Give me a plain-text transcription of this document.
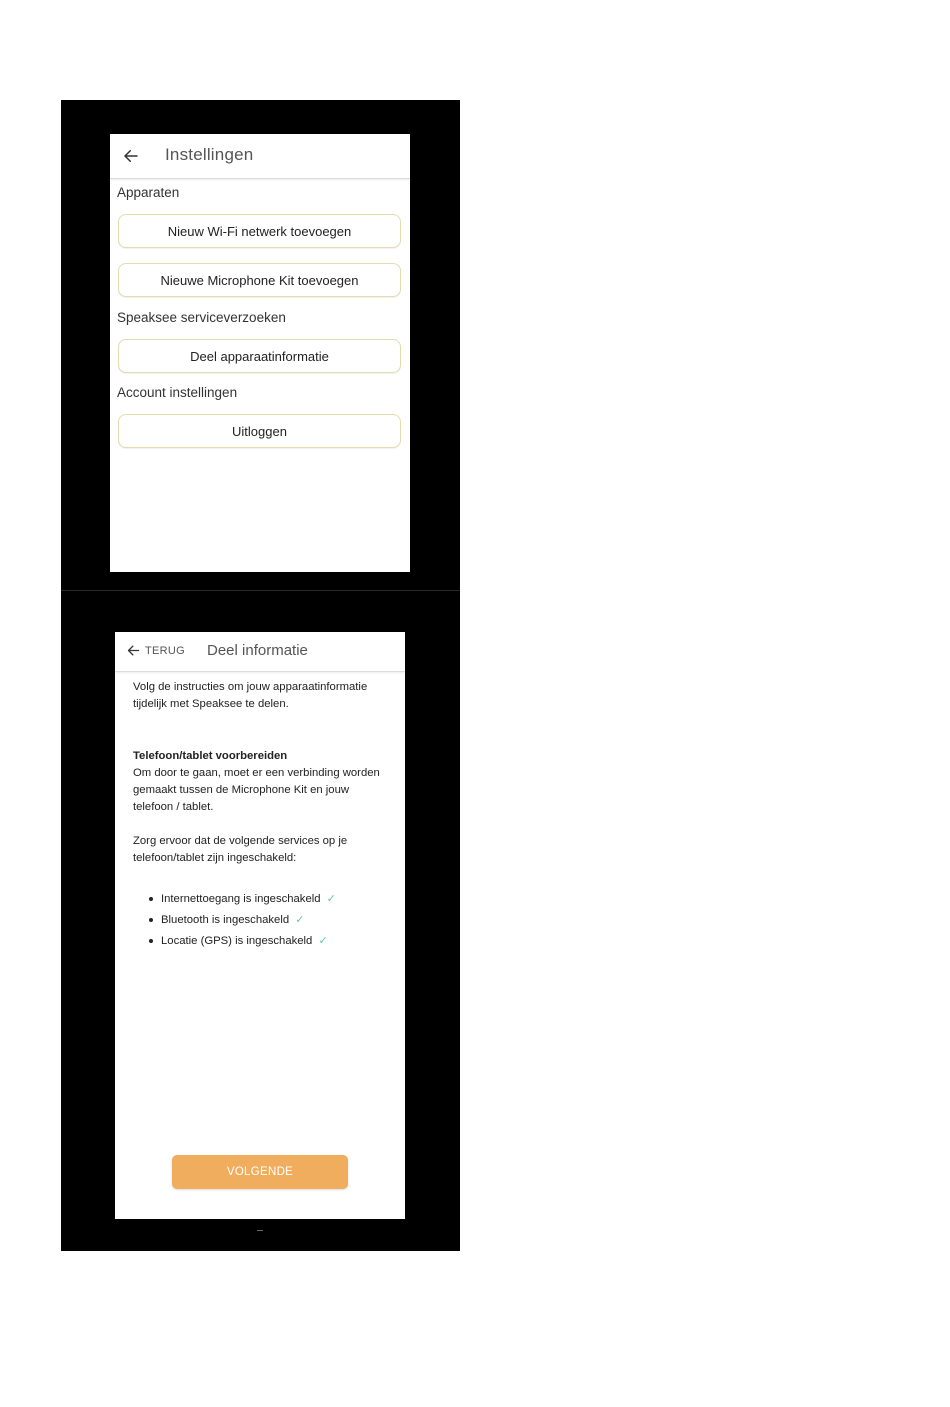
Instellingen
Apparaten
Nieuw Wi-Fi netwerk toevoegen
Nieuwe Microphone Kit toevoegen
Speaksee serviceverzoeken
Deel apparaatinformatie
Account instellingen
Uitloggen
TERUG Deel informatie
Volg de instructies om jouw apparaatinformatie tijdelijk met Speaksee te delen.
Telefoon/tablet voorbereiden
Om door te gaan, moet er een verbinding worden gemaakt tussen de Microphone Kit en jouw telefoon / tablet.
Zorg ervoor dat de volgende services op je telefoon/tablet zijn ingeschakeld:
Internettoegang is ingeschakeld ✓
Bluetooth is ingeschakeld ✓
Locatie (GPS) is ingeschakeld ✓
VOLGENDE
